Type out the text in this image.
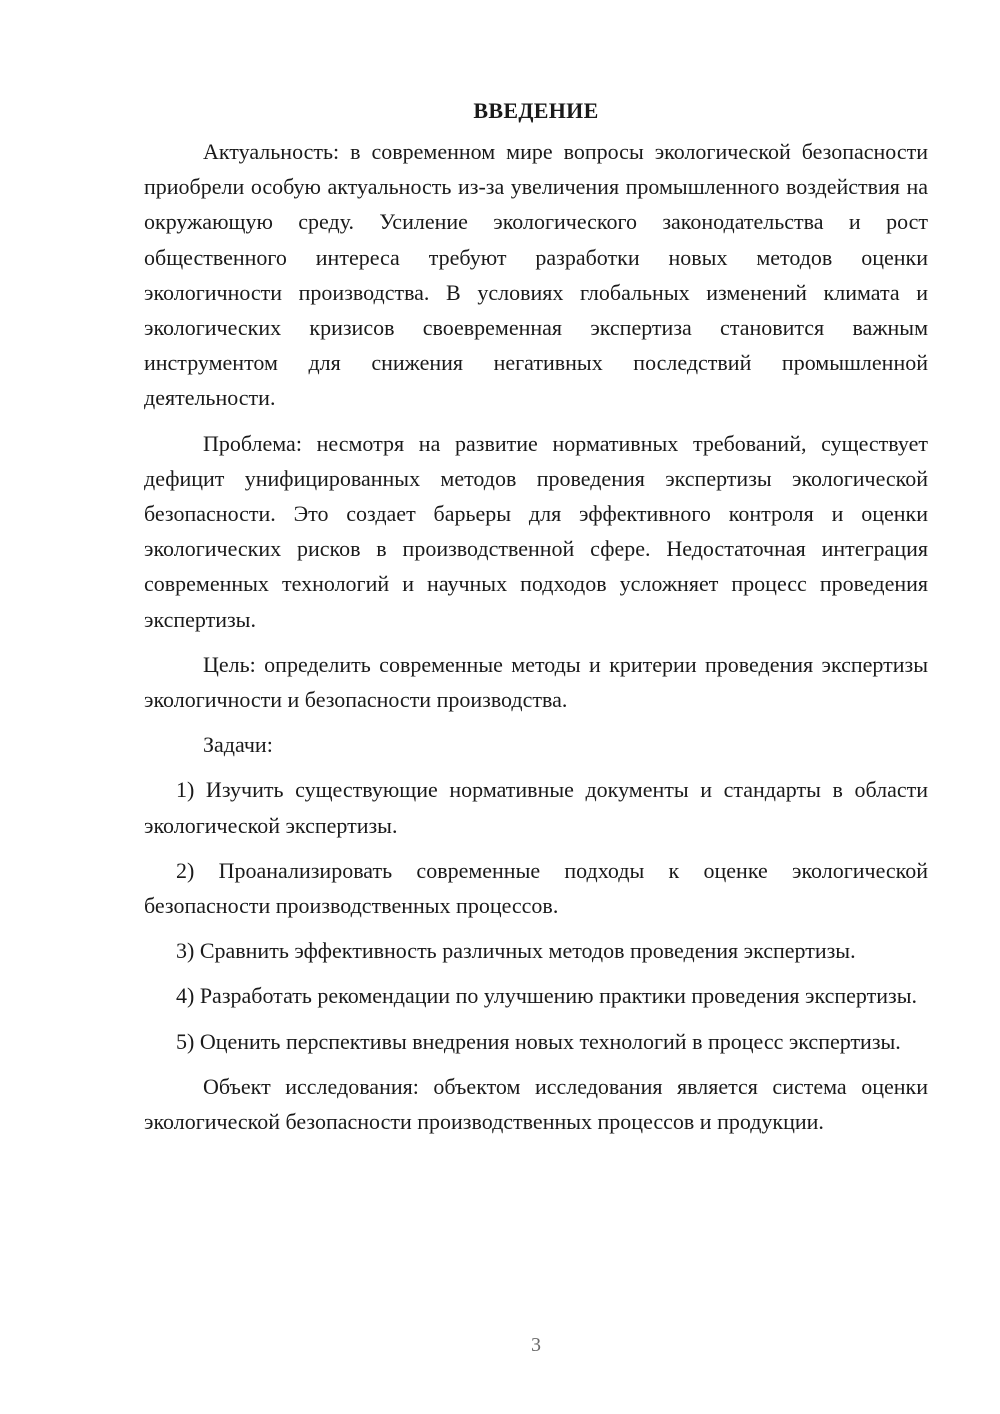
ВВЕДЕНИЕ

Актуальность: в современном мире вопросы экологической безопасности приобрели особую актуальность из-за увеличения промышленного воздействия на окружающую среду. Усиление экологического законодательства и рост общественного интереса требуют разработки новых методов оценки экологичности производства. В условиях глобальных изменений климата и экологических кризисов своевременная экспертиза становится важным инструментом для снижения негативных последствий промышленной деятельности.

Проблема: несмотря на развитие нормативных требований, существует дефицит унифицированных методов проведения экспертизы экологической безопасности. Это создает барьеры для эффективного контроля и оценки экологических рисков в производственной сфере. Недостаточная интеграция современных технологий и научных подходов усложняет процесс проведения экспертизы.

Цель: определить современные методы и критерии проведения экспертизы экологичности и безопасности производства.

Задачи:

1) Изучить существующие нормативные документы и стандарты в области экологической экспертизы.

2) Проанализировать современные подходы к оценке экологической безопасности производственных процессов.

3) Сравнить эффективность различных методов проведения экспертизы.

4) Разработать рекомендации по улучшению практики проведения экспертизы.

5) Оценить перспективы внедрения новых технологий в процесс экспертизы.

Объект исследования: объектом исследования является система оценки экологической безопасности производственных процессов и продукции.

3
